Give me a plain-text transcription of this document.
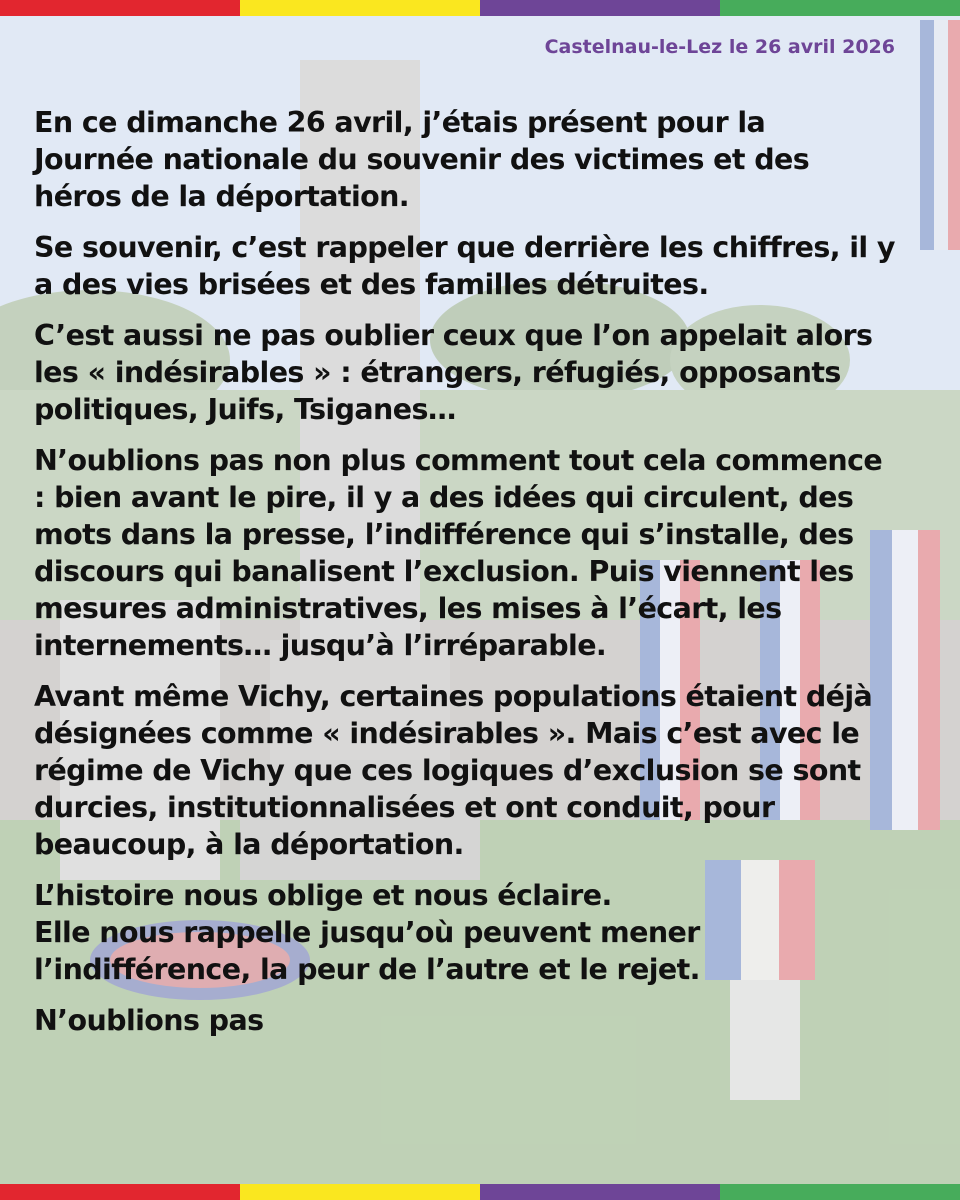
Castelnau-le-Lez le 26 avril 2026

En ce dimanche 26 avril, j’étais présent pour la
Journée nationale du souvenir des victimes et des
héros de la déportation.

Se souvenir, c’est rappeler que derrière les chiffres, il y
a des vies brisées et des familles détruites.

C’est aussi ne pas oublier ceux que l’on appelait alors
les « indésirables » : étrangers, réfugiés, opposants
politiques, Juifs, Tsiganes…

N’oublions pas non plus comment tout cela commence
: bien avant le pire, il y a des idées qui circulent, des
mots dans la presse, l’indifférence qui s’installe, des
discours qui banalisent l’exclusion. Puis viennent les
mesures administratives, les mises à l’écart, les
internements… jusqu’à l’irréparable.

Avant même Vichy, certaines populations étaient déjà
désignées comme « indésirables ». Mais c’est avec le
régime de Vichy que ces logiques d’exclusion se sont
durcies, institutionnalisées et ont conduit, pour
beaucoup, à la déportation.

L’histoire nous oblige et nous éclaire.
Elle nous rappelle jusqu’où peuvent mener
l’indifférence, la peur de l’autre et le rejet.

N’oublions pas
